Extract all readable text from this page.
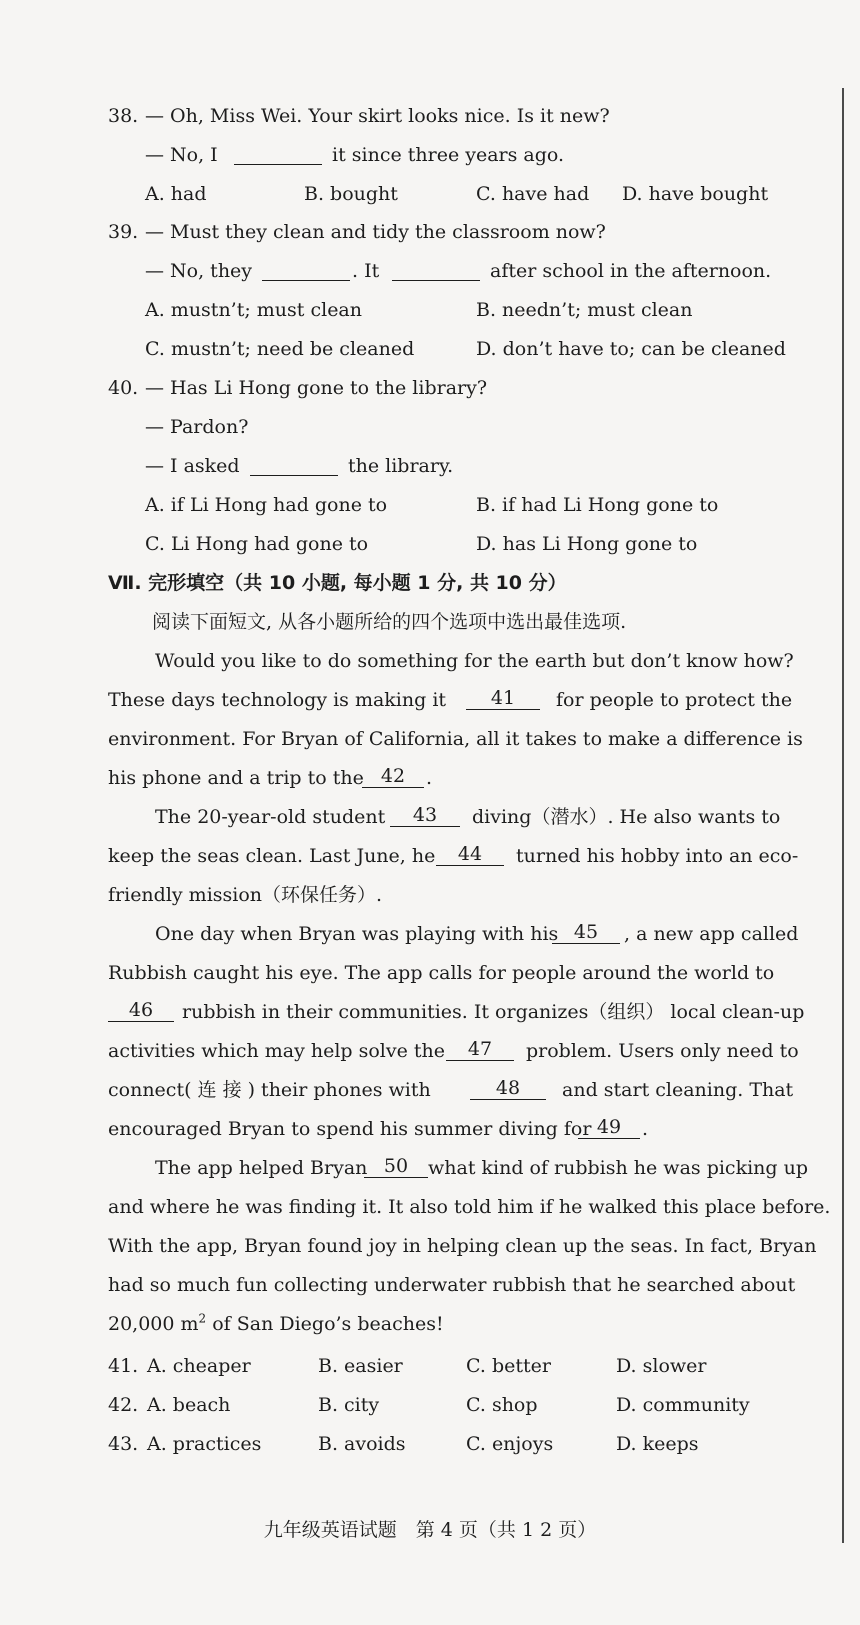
38. — Oh, Miss Wei. Your skirt looks nice. Is it new?
— No, I
	it since three years ago.
A. had	B. bought	C. have had D. have bought
39. — Must they clean and tidy the classroom now?
— No, they
	. It
	after school in the afternoon.
A. mustn’t; must clean	B. needn’t; must clean
C. mustn’t; need be cleaned	D. don’t have to; can be cleaned
40. — Has Li Hong gone to the library?
— Pardon?
— I asked
	the library.
A. if Li Hong had gone to	B. if had Li Hong gone to
C. Li Hong had gone to	D. has Li Hong gone to
Ⅶ. 完形填空（共 10 小题, 每小题 1 分, 共 10 分）
阅读下面短文, 从各小题所给的四个选项中选出最佳选项.
Would you like to do something for the earth but don’t know how?
These days technology is making it	41	for people to protect the
environment. For Bryan of California, all it takes to make a difference is
his phone and a trip to the 42	.
The 20-year-old student	43	diving（潜水）. He also wants to
keep the seas clean. Last June, he	44	turned his hobby into an eco-
friendly mission（环保任务）.
One day when Bryan was playing with his 45	, a new app called
Rubbish caught his eye. The app calls for people around the world to
46	rubbish in their communities. It organizes（组织） local clean-up
activities which may help solve the	47	problem. Users only need to
connect( 连 接 ) their phones with	48	and start cleaning. That
encouraged Bryan to spend his summer diving for 49	.
The app helped Bryan 50	what kind of rubbish he was picking up
and where he was finding it. It also told him if he walked this place before.
With the app, Bryan found joy in helping clean up the seas. In fact, Bryan
had so much fun collecting underwater rubbish that he searched about
20,000 $m^2$ of San Diego’s beaches!
41. A. cheaper	B. easier	C. better	D. slower
42. A. beach	B. city	C. shop	D. community
43. A. practices	B. avoids	C. enjoys	D. keeps
九年级英语试题　第 4 页（共 1 2 页）
